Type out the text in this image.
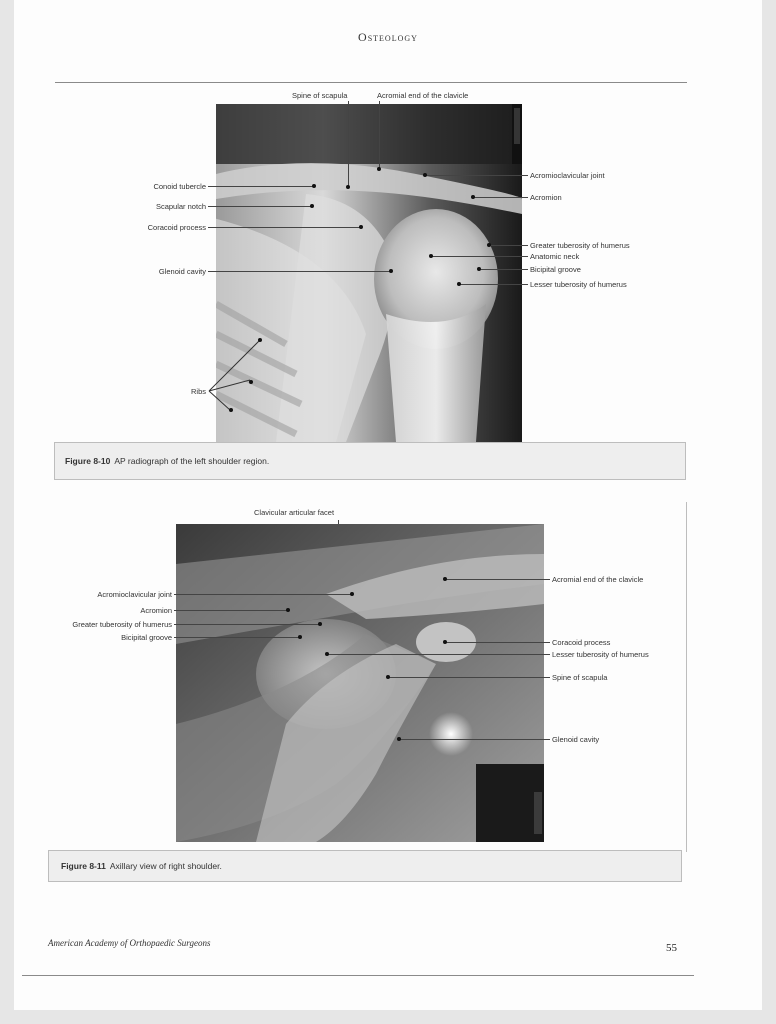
Osteology
Spine of scapula	Acromial end of the clavicle
Conoid tubercle
Scapular notch
Coracoid process
Glenoid cavity
Ribs
Acromioclavicular joint
Acromion
Greater tuberosity of humerus
Anatomic neck
Bicipital groove
Lesser tuberosity of humerus
Figure 8-10 AP radiograph of the left shoulder region.
Clavicular articular facet
Acromioclavicular joint
Acromion
Greater tuberosity of humerus
Bicipital groove
Acromial end of the clavicle
Coracoid process
Lesser tuberosity of humerus
Spine of scapula
Glenoid cavity
Figure 8-11 Axillary view of right shoulder.
American Academy of Orthopaedic Surgeons	55
